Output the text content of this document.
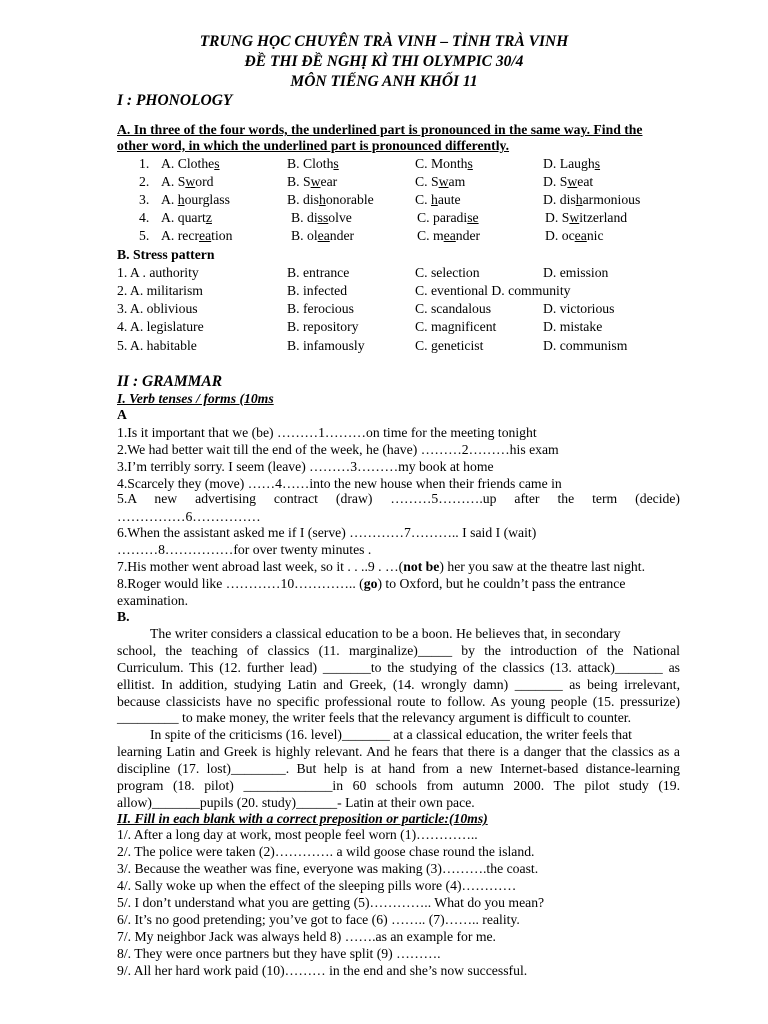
TRUNG HỌC CHUYÊN TRÀ VINH – TỈNH TRÀ VINH

ĐỀ THI ĐỀ NGHỊ KÌ THI OLYMPIC 30/4

MÔN TIẾNG ANH KHỐI 11

I : PHONOLOGY

A. In three of the four words, the underlined part is pronounced in the same way. Find the other word, in which the underlined part is pronounced differently.

1. A. Clothes	B. Cloths	C. Months	D. Laughs
2. A. Sword	B. Swear	C. Swam	D. Sweat
3. A. hourglass	B. dishonorable	C. haute	D. disharmonious
4. A. quartz	B. dissolve	C. paradise	D. Switzerland
5. A. recreation	B. oleander	C. meander	D. oceanic

B. Stress pattern

1. A . authority	B. entrance	C. selection	D. emission
2. A. militarism	B. infected	C. eventional D. community
3. A. oblivious	B. ferocious	C. scandalous	D. victorious
4. A. legislature	B. repository	C. magnificent	D. mistake
5. A. habitable	B. infamously	C. geneticist	D. communism

II : GRAMMAR

I. Verb tenses / forms (10ms

A

1.Is it important that we (be) ………1………on time for the meeting tonight

2.We had better wait till the end of the week, he (have) ………2………his exam

3.I’m terribly sorry. I seem (leave) ………3………my book at home

4.Scarcely they (move) ……4……into the new house when their friends came in

5.A new advertising contract (draw) ………5……….up after the term (decide)

……………6……………

6.When the assistant asked me if I (serve) …………7……….. I said I (wait)

………8……………for over twenty minutes .

7.His mother went abroad last week, so it . . ..9 . …(not be) her you saw at the theatre last night.

8.Roger would like …………10………….. (go) to Oxford, but he couldn’t pass the entrance

examination.

B.

The writer considers a classical education to be a boon. He believes that, in secondary

school, the teaching of classics (11. marginalize)_____ by the introduction of the National

Curriculum. This (12. further lead) _______to the studying of the classics (13. attack)_______ as

ellitist. In addition, studying Latin and Greek, (14. wrongly damn) _______ as being irrelevant,

because classicists have no specific professional route to follow. As young people (15. pressurize)

_________ to make money, the writer feels that the relevancy argument is difficult to counter.

In spite of the criticisms (16. level)_______ at a classical education, the writer feels that

learning Latin and Greek is highly relevant. And he fears that there is a danger that the classics as a

discipline (17. lost)________. But help is at hand from a new Internet-based distance-learning

program (18. pilot) _____________in 60 schools from autumn 2000. The pilot study (19.

allow)_______pupils (20. study)______- Latin at their own pace.

II. Fill in each blank with a correct preposition or particle:(10ms)

1/. After a long day at work, most people feel worn (1)…………..

2/. The police were taken (2)…………. a wild goose chase round the island.

3/. Because the weather was fine, everyone was making (3)……….the coast.

4/. Sally woke up when the effect of the sleeping pills wore (4)…………

5/. I don’t understand what you are getting (5)………….. What do you mean?

6/. It’s no good pretending; you’ve got to face (6) …….. (7)…….. reality.

7/. My neighbor Jack was always held 8) …….as an example for me.

8/. They were once partners but they have split (9) ……….

9/. All her hard work paid (10)……… in the end and she’s now successful.
